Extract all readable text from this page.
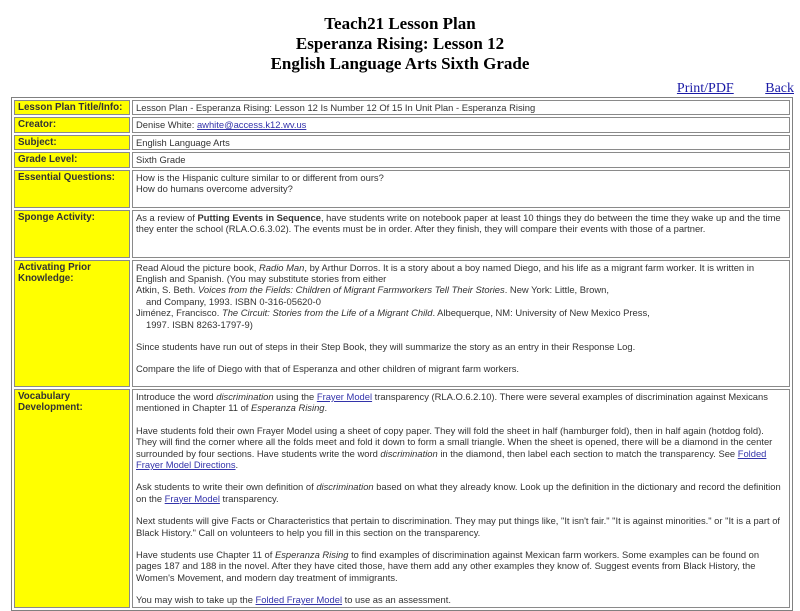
Teach21 Lesson Plan
Esperanza Rising: Lesson 12
English Language Arts Sixth Grade
Print/PDF Back
Lesson Plan Title/Info:	Lesson Plan - Esperanza Rising: Lesson 12 Is Number 12 Of 15 In Unit Plan - Esperanza Rising
Creator:	Denise White: awhite@access.k12.wv.us
Subject:	English Language Arts
Grade Level:	Sixth Grade
Essential Questions:	How is the Hispanic culture similar to or different from ours?
How do humans overcome adversity?

Sponge Activity:	As a review of Putting Events in Sequence, have students write on notebook paper at least 10 things they do between the time they wake up and the time they enter the school (RLA.O.6.3.02). The events must be in order. After they finish, they will compare their events with those of a partner.
Activating Prior Knowledge:	

Read Aloud the picture book, Radio Man, by Arthur Dorros. It is a story about a boy named Diego, and his life as a migrant farm worker. It is written in English and Spanish. (You may substitute stories from either
Atkin, S. Beth. Voices from the Fields: Children of Migrant Farmworkers Tell Their Stories. New York: Little, Brown,
and Company, 1993. ISBN 0-316-05620-0
Jiménez, Francisco. The Circuit: Stories from the Life of a Migrant Child. Albequerque, NM: University of New Mexico Press,
1997. ISBN 8263-1797-9)

Since students have run out of steps in their Step Book, they will summarize the story as an entry in their Response Log.

Compare the life of Diego with that of Esperanza and other children of migrant farm workers.

Vocabulary Development:	

Introduce the word discrimination using the Frayer Model transparency (RLA.O.6.2.10). There were several examples of discrimination against Mexicans mentioned in Chapter 11 of Esperanza Rising.

Have students fold their own Frayer Model using a sheet of copy paper. They will fold the sheet in half (hamburger fold), then in half again (hotdog fold). They will find the corner where all the folds meet and fold it down to form a small triangle. When the sheet is opened, there will be a diamond in the center surrounded by four sections. Have students write the word discrimination in the diamond, then label each section to match the transparency. See Folded Frayer Model Directions.

Ask students to write their own definition of discrimination based on what they already know. Look up the definition in the dictionary and record the definition on the Frayer Model transparency.

Next students will give Facts or Characteristics that pertain to discrimination. They may put things like, "It isn't fair." "It is against minorities." or "It is a part of Black History." Call on volunteers to help you fill in this section on the transparency.

Have students use Chapter 11 of Esperanza Rising to find examples of discrimination against Mexican farm workers. Some examples can be found on pages 187 and 188 in the novel. After they have cited those, have them add any other examples they know of. Suggest events from Black History, the Women's Movement, and modern day treatment of immigrants.

You may wish to take up the Folded Frayer Model to use as an assessment.
